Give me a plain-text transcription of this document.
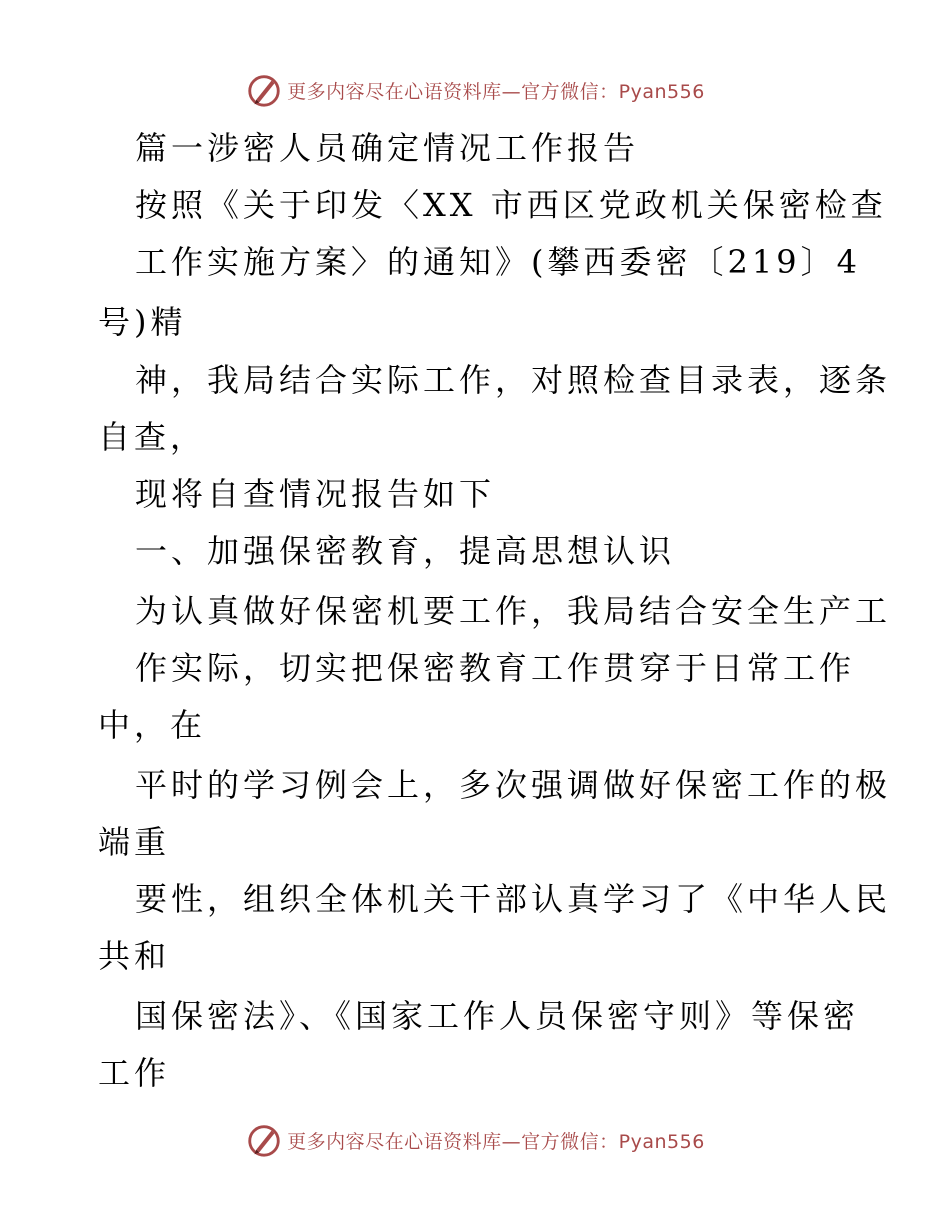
更多内容尽在心语资料库—官方微信：Pyan556
篇一涉密人员确定情况工作报告
按照《关于印发〈XX 市西区党政机关保密检查
工作实施方案〉的通知》(攀西委密〔219〕4
号)精
神，我局结合实际工作，对照检查目录表，逐条
自查，
现将自查情况报告如下
一、加强保密教育，提高思想认识
为认真做好保密机要工作，我局结合安全生产工
作实际，切实把保密教育工作贯穿于日常工作
中，在
平时的学习例会上，多次强调做好保密工作的极
端重
要性，组织全体机关干部认真学习了《中华人民
共和
国保密法》、《国家工作人员保密守则》等保密
工作
更多内容尽在心语资料库—官方微信：Pyan556
